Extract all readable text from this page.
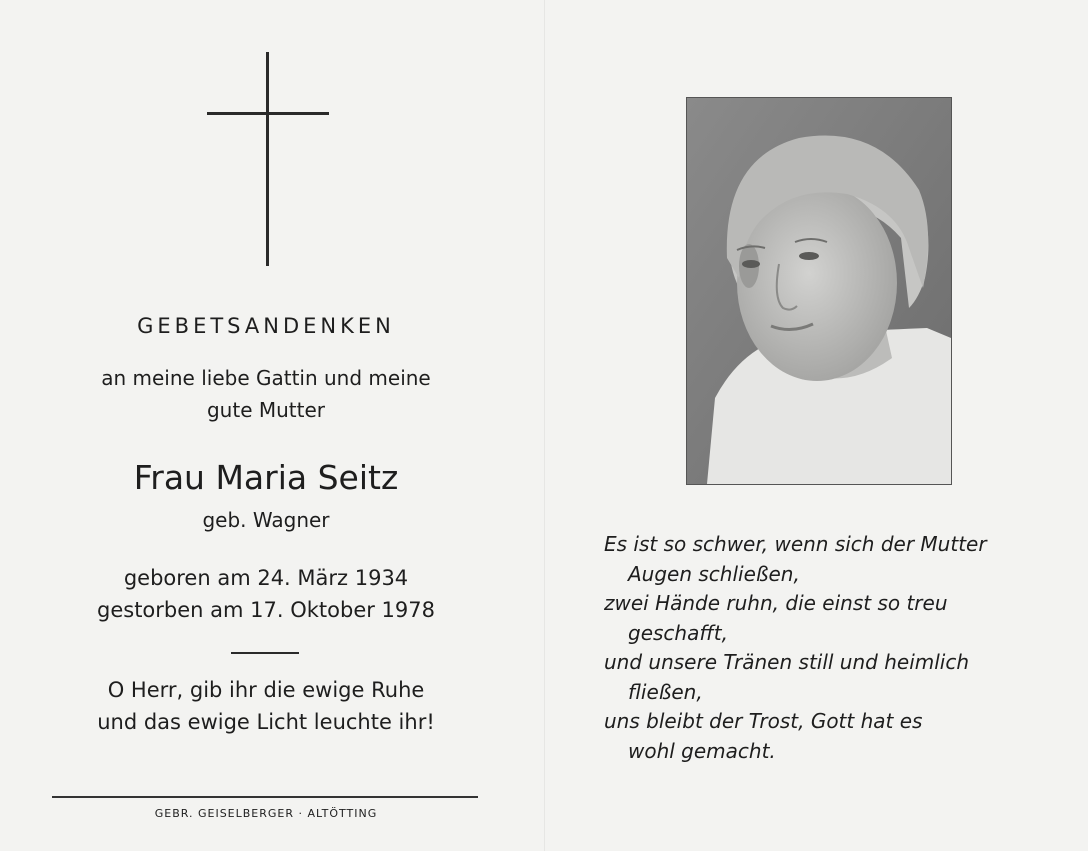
GEBETSANDENKEN
an meine liebe Gattin und meine
gute Mutter
Frau Maria Seitz
geb. Wagner
geboren am 24. März 1934
gestorben am 17. Oktober 1978
O Herr, gib ihr die ewige Ruhe
und das ewige Licht leuchte ihr!
GEBR. GEISELBERGER · ALTÖTTING
Es ist so schwer, wenn sich der Mutter
Augen schließen,
zwei Hände ruhn, die einst so treu
geschafft,
und unsere Tränen still und heimlich
fließen,
uns bleibt der Trost, Gott hat es
wohl gemacht.
